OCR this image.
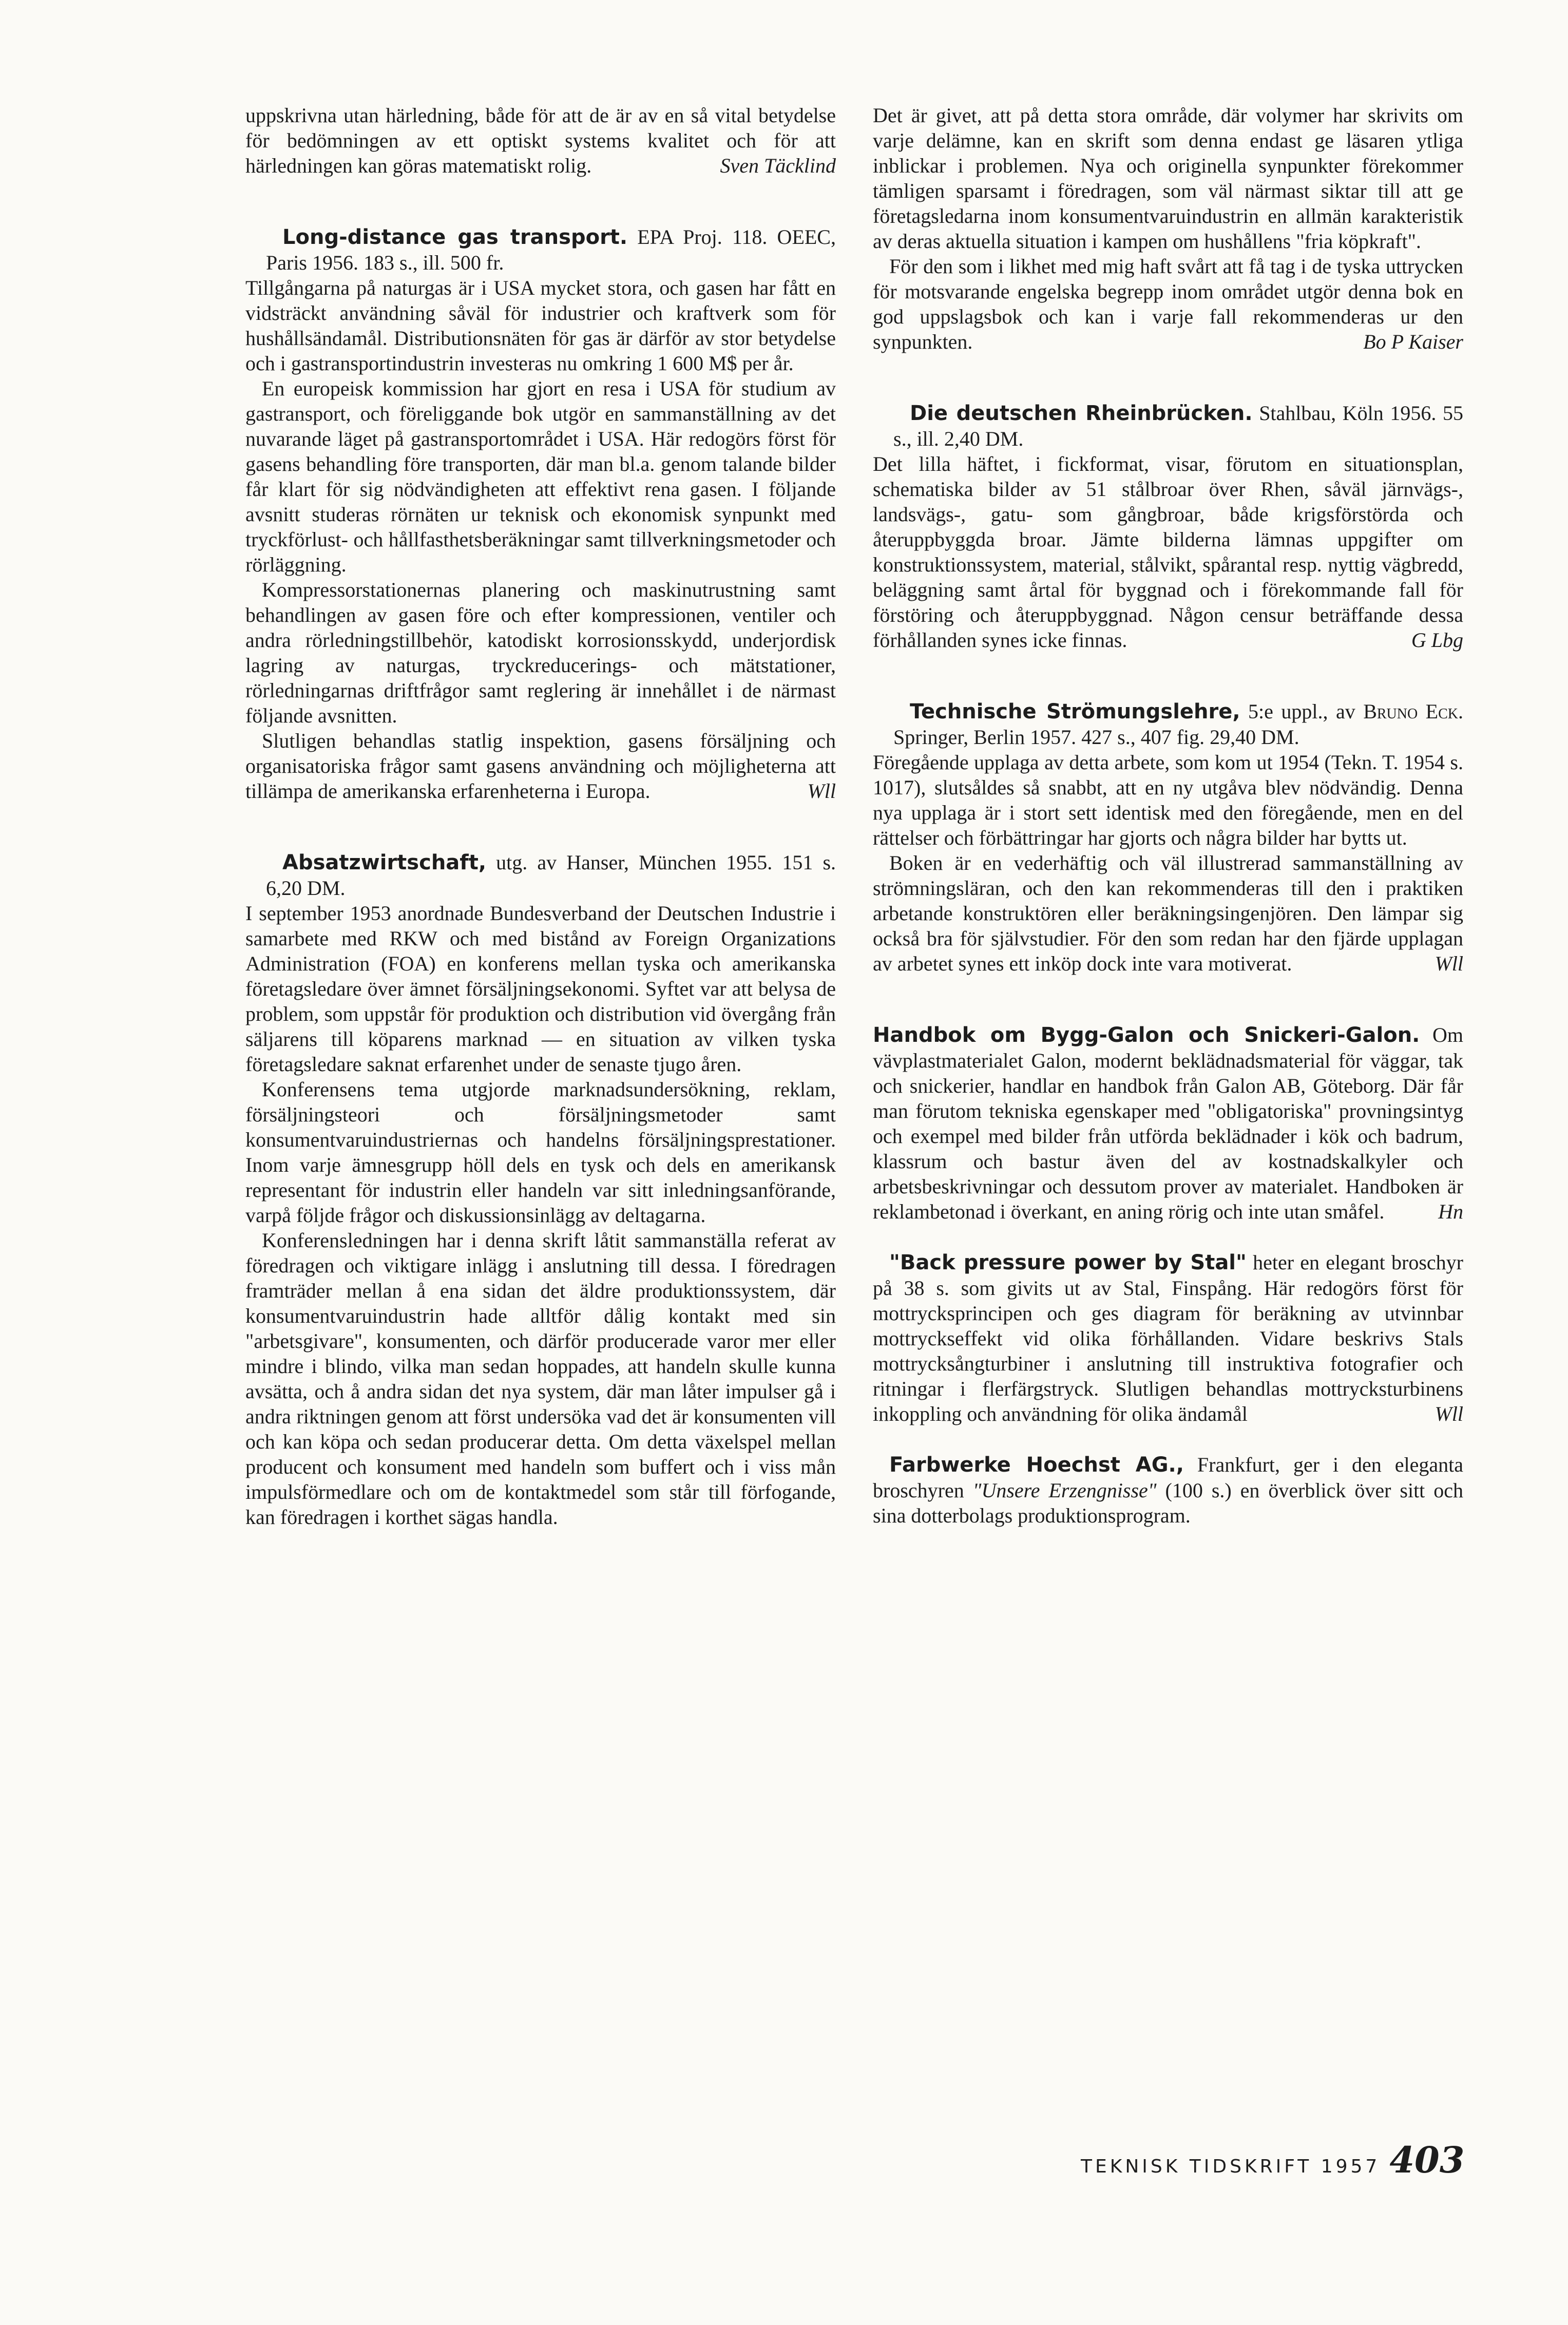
uppskrivna utan härledning, både för att de är av en så vital betydelse för bedömningen av ett optiskt systems kvalitet och för att härledningen kan göras matematiskt rolig.	Sven Täcklind

Long-distance gas transport. EPA Proj. 118. OEEC, Paris 1956. 183 s., ill. 500 fr.

Tillgångarna på naturgas är i USA mycket stora, och gasen har fått en vidsträckt användning såväl för industrier och kraftverk som för hushållsändamål. Distributionsnäten för gas är därför av stor betydelse och i gastransportindustrin investeras nu omkring 1 600 M$ per år.

En europeisk kommission har gjort en resa i USA för studium av gastransport, och föreliggande bok utgör en sammanställning av det nuvarande läget på gastransportområdet i USA. Här redogörs först för gasens behandling före transporten, där man bl.a. genom talande bilder får klart för sig nödvändigheten att effektivt rena gasen. I följande avsnitt studeras rörnäten ur teknisk och ekonomisk synpunkt med tryckförlust- och hållfasthetsberäkningar samt tillverkningsmetoder och rörläggning.

Kompressorstationernas planering och maskinutrustning samt behandlingen av gasen före och efter kompressionen, ventiler och andra rörledningstillbehör, katodiskt korrosionsskydd, underjordisk lagring av naturgas, tryckreducerings- och mätstationer, rörledningarnas driftfrågor samt reglering är innehållet i de närmast följande avsnitten.

Slutligen behandlas statlig inspektion, gasens försäljning och organisatoriska frågor samt gasens användning och möjligheterna att tillämpa de amerikanska erfarenheterna i Europa.	Wll

Absatzwirtschaft, utg. av Hanser, München 1955. 151 s. 6,20 DM.

I september 1953 anordnade Bundesverband der Deutschen Industrie i samarbete med RKW och med bistånd av Foreign Organizations Administration (FOA) en konferens mellan tyska och amerikanska företagsledare över ämnet försäljningsekonomi. Syftet var att belysa de problem, som uppstår för produktion och distribution vid övergång från säljarens till köparens marknad — en situation av vilken tyska företagsledare saknat erfarenhet under de senaste tjugo åren.

Konferensens tema utgjorde marknadsundersökning, reklam, försäljningsteori och försäljningsmetoder samt konsumentvaruindustriernas och handelns försäljningsprestationer. Inom varje ämnesgrupp höll dels en tysk och dels en amerikansk representant för industrin eller handeln var sitt inledningsanförande, varpå följde frågor och diskussionsinlägg av deltagarna.

Konferensledningen har i denna skrift låtit sammanställa referat av föredragen och viktigare inlägg i anslutning till dessa. I föredragen framträder mellan å ena sidan det äldre produktionssystem, där konsumentvaruindustrin hade alltför dålig kontakt med sin "arbetsgivare", konsumenten, och därför producerade varor mer eller mindre i blindo, vilka man sedan hoppades, att handeln skulle kunna avsätta, och å andra sidan det nya system, där man låter impulser gå i andra riktningen genom att först undersöka vad det är konsumenten vill och kan köpa och sedan producerar detta. Om detta växelspel mellan producent och konsument med handeln som buffert och i viss mån impulsförmedlare och om de kontaktmedel som står till förfogande, kan föredragen i korthet sägas handla.

Det är givet, att på detta stora område, där volymer har skrivits om varje delämne, kan en skrift som denna endast ge läsaren ytliga inblickar i problemen. Nya och originella synpunkter förekommer tämligen sparsamt i föredragen, som väl närmast siktar till att ge företagsledarna inom konsumentvaruindustrin en allmän karakteristik av deras aktuella situation i kampen om hushållens "fria köpkraft".

För den som i likhet med mig haft svårt att få tag i de tyska uttrycken för motsvarande engelska begrepp inom området utgör denna bok en god uppslagsbok och kan i varje fall rekommenderas ur den synpunkten.	Bo P Kaiser

Die deutschen Rheinbrücken. Stahlbau, Köln 1956. 55 s., ill. 2,40 DM.

Det lilla häftet, i fickformat, visar, förutom en situationsplan, schematiska bilder av 51 stålbroar över Rhen, såväl järnvägs-, landsvägs-, gatu- som gångbroar, både krigsförstörda och återuppbyggda broar. Jämte bilderna lämnas uppgifter om konstruktionssystem, material, stålvikt, spårantal resp. nyttig vägbredd, beläggning samt årtal för byggnad och i förekommande fall för förstöring och återuppbyggnad. Någon censur beträffande dessa förhållanden synes icke finnas.	G Lbg

Technische Strömungslehre, 5:e uppl., av Bruno Eck. Springer, Berlin 1957. 427 s., 407 fig. 29,40 DM.

Föregående upplaga av detta arbete, som kom ut 1954 (Tekn. T. 1954 s. 1017), slutsåldes så snabbt, att en ny utgåva blev nödvändig. Denna nya upplaga är i stort sett identisk med den föregående, men en del rättelser och förbättringar har gjorts och några bilder har bytts ut.

Boken är en vederhäftig och väl illustrerad sammanställning av strömningsläran, och den kan rekommenderas till den i praktiken arbetande konstruktören eller beräkningsingenjören. Den lämpar sig också bra för självstudier. För den som redan har den fjärde upplagan av arbetet synes ett inköp dock inte vara motiverat.	Wll

Handbok om Bygg-Galon och Snickeri-Galon. Om vävplastmaterialet Galon, modernt beklädnadsmaterial för väggar, tak och snickerier, handlar en handbok från Galon AB, Göteborg. Där får man förutom tekniska egenskaper med "obligatoriska" provningsintyg och exempel med bilder från utförda beklädnader i kök och badrum, klassrum och bastur även del av kostnadskalkyler och arbetsbeskrivningar och dessutom prover av materialet. Handboken är reklambetonad i överkant, en aning rörig och inte utan småfel.	Hn

"Back pressure power by Stal" heter en elegant broschyr på 38 s. som givits ut av Stal, Finspång. Här redogörs först för mottrycksprincipen och ges diagram för beräkning av utvinnbar mottryckseffekt vid olika förhållanden. Vidare beskrivs Stals mottrycksångturbiner i anslutning till instruktiva fotografier och ritningar i flerfärgstryck. Slutligen behandlas mottrycksturbinens inkoppling och användning för olika ändamål	Wll

Farbwerke Hoechst AG., Frankfurt, ger i den eleganta broschyren "Unsere Erzengnisse" (100 s.) en överblick över sitt och sina dotterbolags produktionsprogram.

TEKNISK TIDSKRIFT 1957 403
